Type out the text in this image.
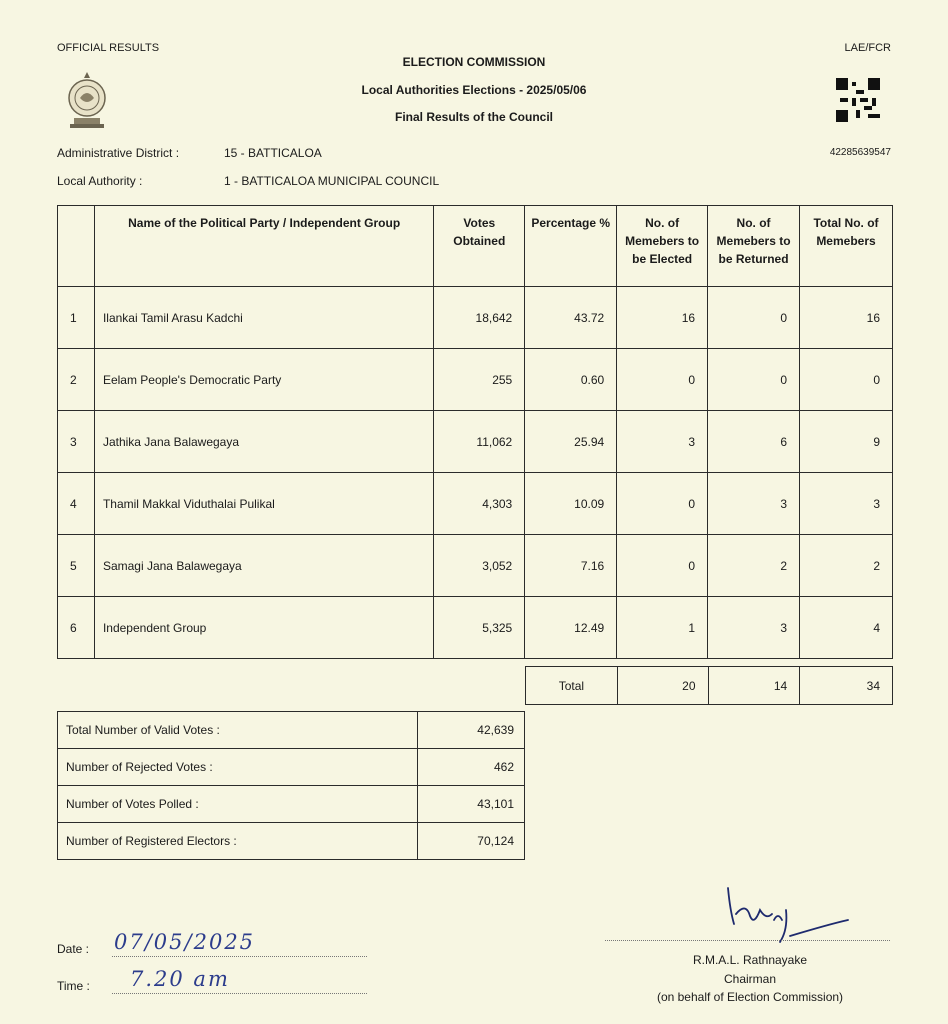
OFFICIAL RESULTS	LAE/FCR
ELECTION COMMISSION
Local Authorities Elections - 2025/05/06
Final Results of the Council
42285639547
Administrative District :	15 - BATTICALOA
Local Authority :	1 - BATTICALOA MUNICIPAL COUNCIL
	Name of the Political Party / Independent Group	Votes Obtained	Percentage %	No. of Memebers to be Elected	No. of Memebers to be Returned	Total No. of Memebers
1	Ilankai Tamil Arasu Kadchi	18,642	43.72	16	0	16
2	Eelam People's Democratic Party	255	0.60	0	0	0
3	Jathika Jana Balawegaya	11,062	25.94	3	6	9
4	Thamil Makkal Viduthalai Pulikal	4,303	10.09	0	3	3
5	Samagi Jana Balawegaya	3,052	7.16	0	2	2
6	Independent Group	5,325	12.49	1	3	4
Total	20	14	34
Total Number of Valid Votes :	42,639
Number of Rejected Votes :	462
Number of Votes Polled :	43,101
Number of Registered Electors :	70,124
Date : 07/05/2025
Time : 7.20 am
R.M.A.L. Rathnayake
Chairman
(on behalf of Election Commission)
